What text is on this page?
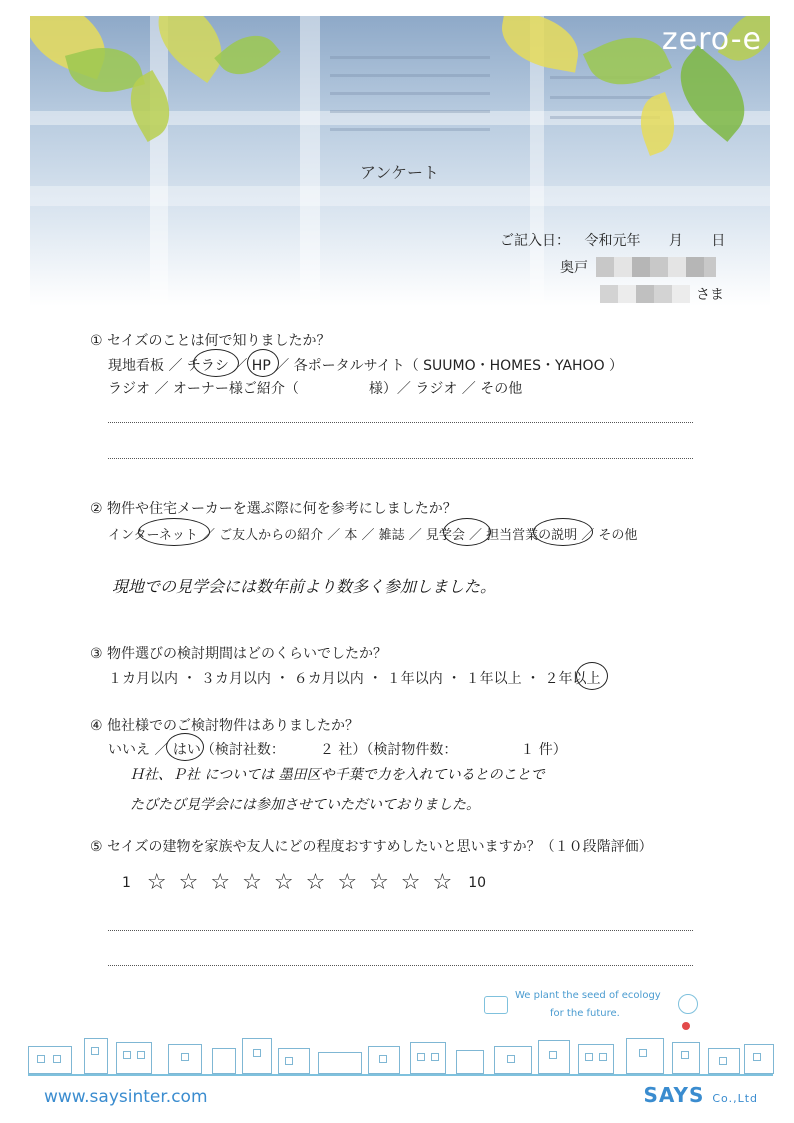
zero-e
アンケート
ご記入日： 令和元年 月 日
奥戸
さま
① セイズのことは何で知りましたか？
現地看板 ／ チラシ ／ HP ／ 各ポータルサイト（ SUUMO・HOMES・YAHOO ）
ラジオ ／ オーナー様ご紹介（　　　　　様）／ ラジオ ／ その他
② 物件や住宅メーカーを選ぶ際に何を参考にしましたか？
インターネット ／ ご友人からの紹介 ／ 本 ／ 雑誌 ／ 見学会 ／ 担当営業の説明 ／ その他
現地での見学会には数年前より数多く参加しました。
③ 物件選びの検討期間はどのくらいでしたか？
１カ月以内 ・ ３カ月以内 ・ ６カ月以内 ・ １年以内 ・ １年以上 ・ ２年以上
④ 他社様でのご検討物件はありましたか？
いいえ ／ はい（検討社数：　　　２ 社）（検討物件数：　　　　　１ 件）
Ｈ社、Ｐ社 については 墨田区や千葉で力を入れているとのことで
たびたび見学会には参加させていただいておりました。
⑤ セイズの建物を家族や友人にどの程度おすすめしたいと思いますか？（１０段階評価）
1 ☆ ☆ ☆ ☆ ☆ ☆ ☆ ☆ ☆ ☆ 10
We plant the seed of ecology
for the future.
www.saysinter.com	SAYS Co.,Ltd
